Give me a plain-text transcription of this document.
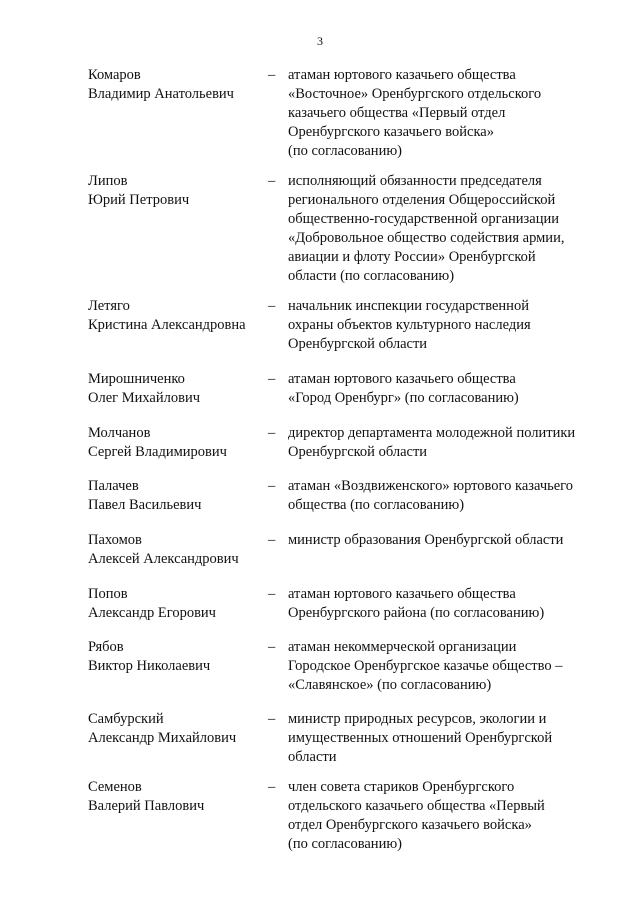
3
Комаров
Владимир Анатольевич
– атаман юртового казачьего общества
«Восточное» Оренбургского отдельского
казачьего общества «Первый отдел
Оренбургского казачьего войска»
(по согласованию)
Липов
Юрий Петрович
– исполняющий обязанности председателя
регионального отделения Общероссийской
общественно-государственной организации
«Добровольное общество содействия армии,
авиации и флоту России» Оренбургской
области (по согласованию)
Летяго
Кристина Александровна
– начальник инспекции государственной
охраны объектов культурного наследия
Оренбургской области
Мирошниченко
Олег Михайлович
– атаман юртового казачьего общества
«Город Оренбург» (по согласованию)
Молчанов
Сергей Владимирович
– директор департамента молодежной политики
Оренбургской области
Палачев
Павел Васильевич
– атаман «Воздвиженского» юртового казачьего
общества (по согласованию)
Пахомов
Алексей Александрович
– министр образования Оренбургской области
Попов
Александр Егорович
– атаман юртового казачьего общества
Оренбургского района (по согласованию)
Рябов
Виктор Николаевич
– атаман некоммерческой организации
Городское Оренбургское казачье общество –
«Славянское» (по согласованию)
Самбурский
Александр Михайлович
– министр природных ресурсов, экологии и
имущественных отношений Оренбургской
области
Семенов
Валерий Павлович
– член совета стариков Оренбургского
отдельского казачьего общества «Первый
отдел Оренбургского казачьего войска»
(по согласованию)
